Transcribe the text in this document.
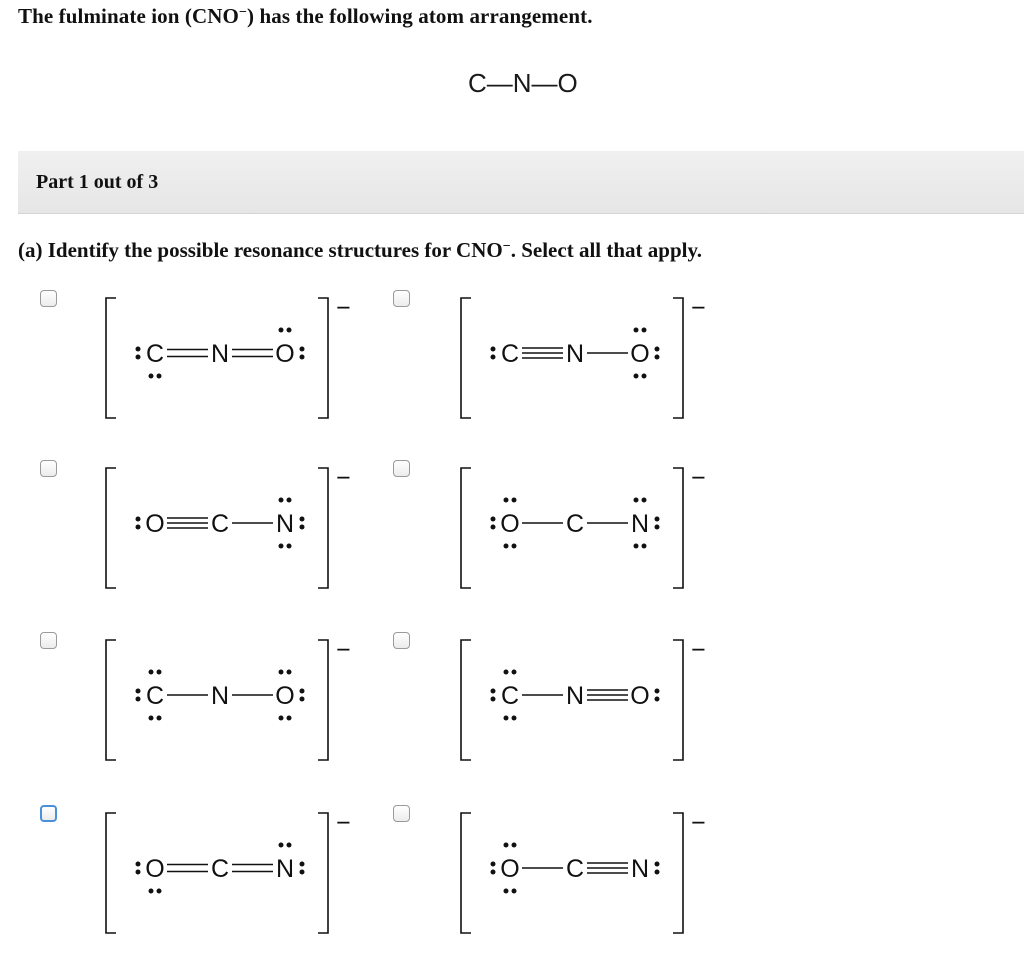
The fulminate ion (CNO−) has the following atom arrangement.

C—N—O

Part 1 out of 3

(a) Identify the possible resonance structures for CNO−. Select all that apply.

−
C N O
−
C N O
−
O C N
−
O C N
−
C N O
−
C N O
−
O C N
−
O C N
